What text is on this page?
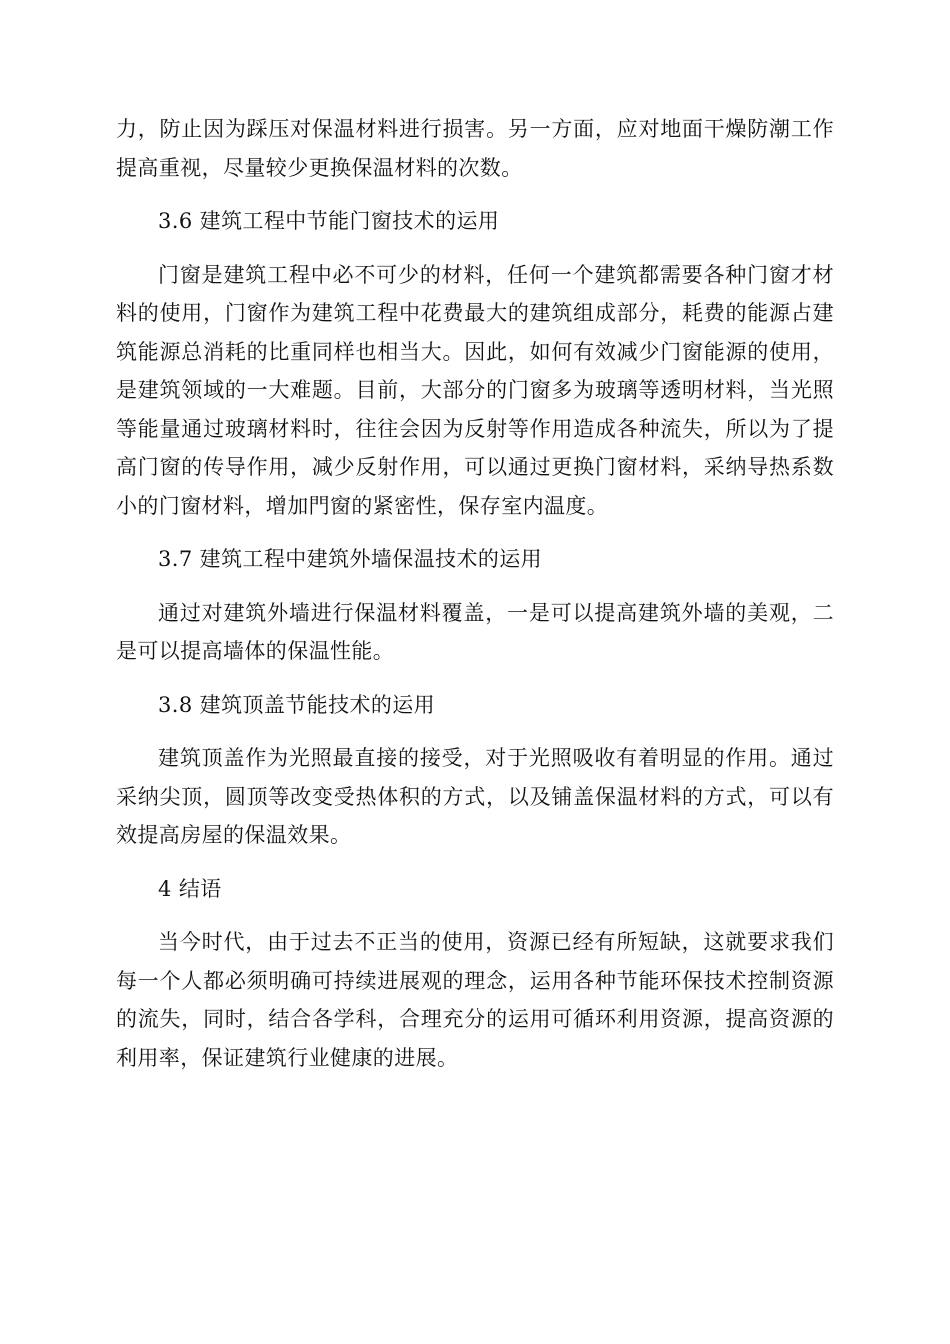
力，防止因为踩压对保温材料进行损害。另一方面，应对地面干燥防潮工作提高重视，尽量较少更换保温材料的次数。

3.6 建筑工程中节能门窗技术的运用

门窗是建筑工程中必不可少的材料，任何一个建筑都需要各种门窗才材料的使用，门窗作为建筑工程中花费最大的建筑组成部分，耗费的能源占建筑能源总消耗的比重同样也相当大。因此，如何有效减少门窗能源的使用，是建筑领域的一大难题。目前，大部分的门窗多为玻璃等透明材料，当光照等能量通过玻璃材料时，往往会因为反射等作用造成各种流失，所以为了提高门窗的传导作用，减少反射作用，可以通过更换门窗材料，采纳导热系数小的门窗材料，增加門窗的紧密性，保存室内温度。

3.7 建筑工程中建筑外墙保温技术的运用

通过对建筑外墙进行保温材料覆盖，一是可以提高建筑外墙的美观，二是可以提高墙体的保温性能。

3.8 建筑顶盖节能技术的运用

建筑顶盖作为光照最直接的接受，对于光照吸收有着明显的作用。通过采纳尖顶，圆顶等改变受热体积的方式，以及铺盖保温材料的方式，可以有效提高房屋的保温效果。

4 结语

当今时代，由于过去不正当的使用，资源已经有所短缺，这就要求我们每一个人都必须明确可持续进展观的理念，运用各种节能环保技术控制资源的流失，同时，结合各学科，合理充分的运用可循环利用资源，提高资源的利用率，保证建筑行业健康的进展。
